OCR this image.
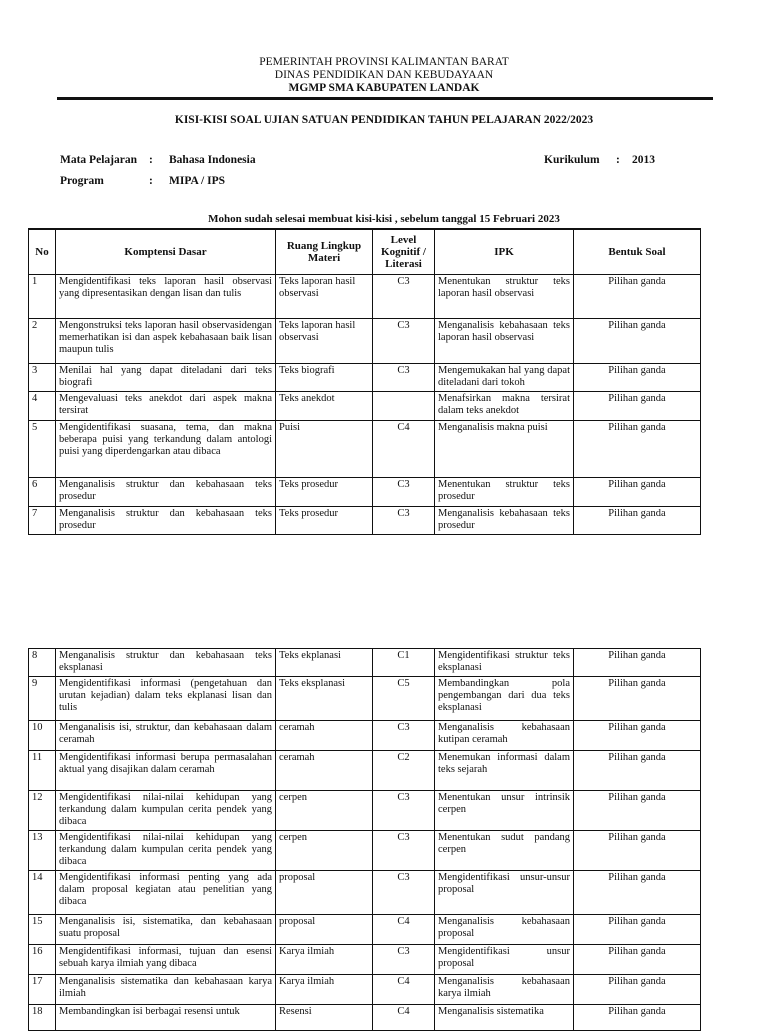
PEMERINTAH PROVINSI KALIMANTAN BARAT
DINAS PENDIDIKAN DAN KEBUDAYAAN
MGMP SMA KABUPATEN LANDAK
KISI-KISI SOAL UJIAN SATUAN PENDIDIKAN TAHUN PELAJARAN 2022/2023
Mata Pelajaran : Bahasa Indonesia
Program	: MIPA / IPS
Kurikulum : 2013
Mohon sudah selesai membuat kisi-kisi , sebelum tanggal 15 Februari 2023
No	Komptensi Dasar	Ruang Lingkup Materi	Level Kognitif / Literasi	IPK	Bentuk Soal
1	Mengidentifikasi teks laporan hasil observasi yang dipresentasikan dengan lisan dan tulis	Teks laporan hasil observasi	C3	Menentukan struktur teks laporan hasil observasi	Pilihan ganda
2	Mengonstruksi teks laporan hasil observasidengan memerhatikan isi dan aspek kebahasaan baik lisan maupun tulis	Teks laporan hasil observasi	C3	Menganalisis kebahasaan teks laporan hasil observasi	Pilihan ganda
3	Menilai hal yang dapat diteladani dari teks biografi	Teks biografi	C3	Mengemukakan hal yang dapat diteladani dari tokoh	Pilihan ganda
4	Mengevaluasi teks anekdot dari aspek makna tersirat	Teks anekdot		Menafsirkan makna tersirat dalam teks anekdot	Pilihan ganda
5	Mengidentifikasi suasana, tema, dan makna beberapa puisi yang terkandung dalam antologi puisi yang diperdengarkan atau dibaca	Puisi	C4	Menganalisis makna puisi	Pilihan ganda
6	Menganalisis struktur dan kebahasaan teks prosedur	Teks prosedur	C3	Menentukan struktur teks prosedur	Pilihan ganda
7	Menganalisis struktur dan kebahasaan teks prosedur	Teks prosedur	C3	Menganalisis kebahasaan teks prosedur	Pilihan ganda
8	Menganalisis struktur dan kebahasaan teks eksplanasi	Teks ekplanasi	C1	Mengidentifikasi struktur teks eksplanasi	Pilihan ganda
9	Mengidentifikasi informasi (pengetahuan dan urutan kejadian) dalam teks ekplanasi lisan dan tulis	Teks eksplanasi	C5	Membandingkan pola pengembangan dari dua teks eksplanasi	Pilihan ganda
10	Menganalisis isi, struktur, dan kebahasaan dalam ceramah	ceramah	C3	Menganalisis kebahasaan kutipan ceramah	Pilihan ganda
11	Mengidentifikasi informasi berupa permasalahan aktual yang disajikan dalam ceramah	ceramah	C2	Menemukan informasi dalam teks sejarah	Pilihan ganda
12	Mengidentifikasi nilai-nilai kehidupan yang terkandung dalam kumpulan cerita pendek yang dibaca	cerpen	C3	Menentukan unsur intrinsik cerpen	Pilihan ganda
13	Mengidentifikasi nilai-nilai kehidupan yang terkandung dalam kumpulan cerita pendek yang dibaca	cerpen	C3	Menentukan sudut pandang cerpen	Pilihan ganda
14	Mengidentifikasi informasi penting yang ada dalam proposal kegiatan atau penelitian yang dibaca	proposal	C3	Mengidentifikasi unsur-unsur proposal	Pilihan ganda
15	Menganalisis isi, sistematika, dan kebahasaan suatu proposal	proposal	C4	Menganalisis kebahasaan proposal	Pilihan ganda
16	Mengidentifikasi informasi, tujuan dan esensi sebuah karya ilmiah yang dibaca	Karya ilmiah	C3	Mengidentifikasi unsur proposal	Pilihan ganda
17	Menganalisis sistematika dan kebahasaan karya ilmiah	Karya ilmiah	C4	Menganalisis kebahasaan karya ilmiah	Pilihan ganda
18	Membandingkan isi berbagai resensi untuk	Resensi	C4	Menganalisis sistematika	Pilihan ganda
